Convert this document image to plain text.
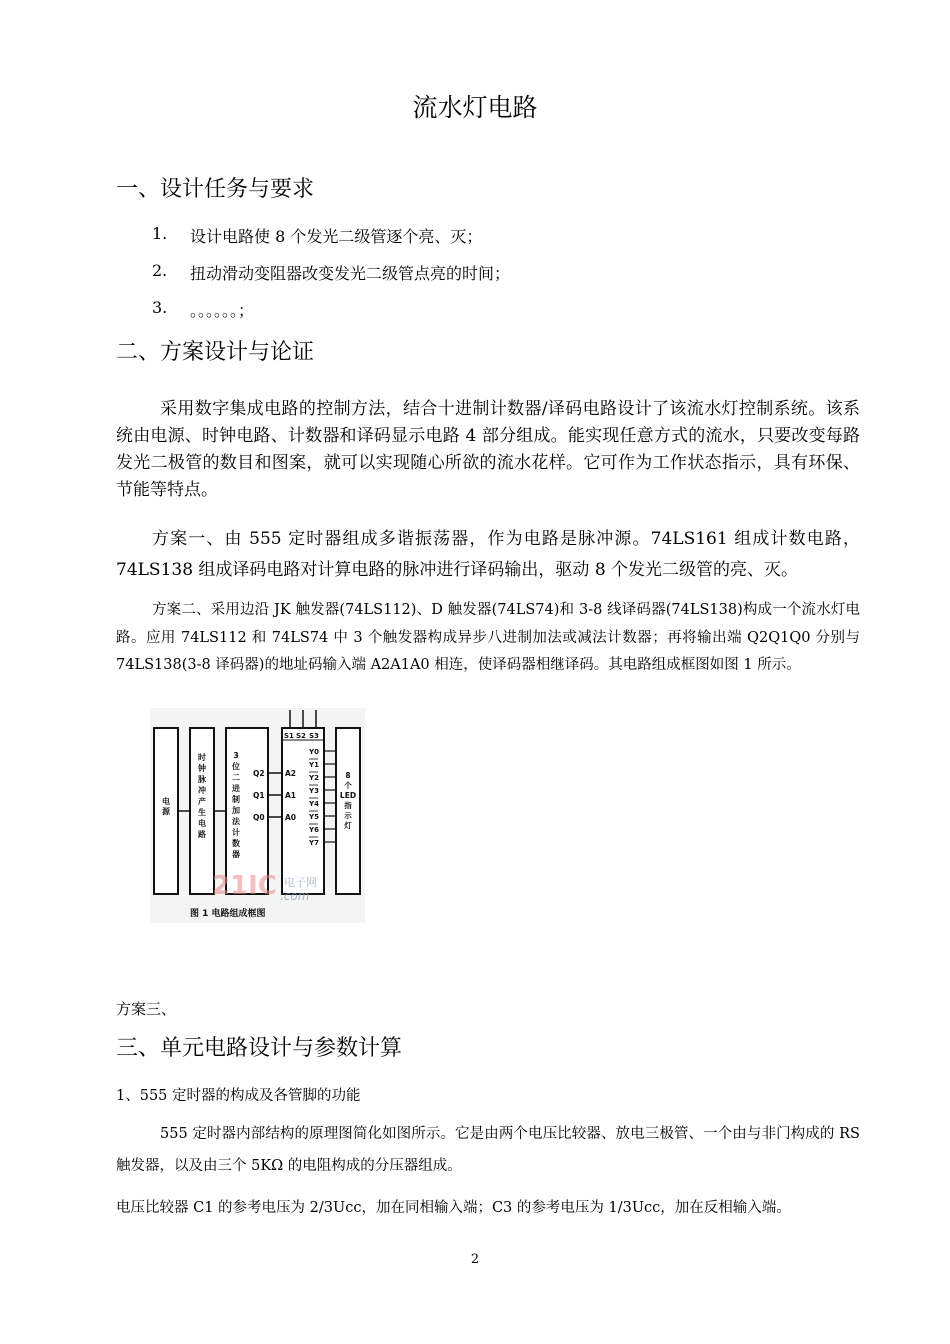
流水灯电路
一、设计任务与要求
1. 设计电路使 8 个发光二级管逐个亮、灭；
2. 扭动滑动变阻器改变发光二级管点亮的时间；
3. 。。。。。。；
二、方案设计与论证
采用数字集成电路的控制方法，结合十进制计数器/译码电路设计了该流水灯控制系统。该系统由电源、时钟电路、计数器和译码显示电路 4 部分组成。能实现任意方式的流水，只要改变每路发光二极管的数目和图案，就可以实现随心所欲的流水花样。它可作为工作状态指示，具有环保、节能等特点。
方案一、由 555 定时器组成多谐振荡器，作为电路是脉冲源。74LS161 组成计数电路，74LS138 组成译码电路对计算电路的脉冲进行译码输出，驱动 8 个发光二级管的亮、灭。
方案二、采用边沿 JK 触发器(74LS112)、D 触发器(74LS74)和 3-8 线译码器(74LS138)构成一个流水灯电路。应用 74LS112 和 74LS74 中 3 个触发器构成异步八进制加法或减法计数器；再将输出端 Q2Q1Q0 分别与 74LS138(3-8 译码器)的地址码输入端 A2A1A0 相连，使译码器相继译码。其电路组成框图如图 1 所示。
电源
时钟脉冲产生电路
3 位二进制加法计数器
Q2 Q1 Q0
S1 S2 S3
A2 A1 A0
Y0
Y1
Y2
Y3
Y4
Y5
Y6
Y7
8 个 LED 指示灯
21IC 电子网
.com
图 1 电路组成框图
方案三、
三、单元电路设计与参数计算
1、555 定时器的构成及各管脚的功能
555 定时器内部结构的原理图简化如图所示。它是由两个电压比较器、放电三极管、一个由与非门构成的 RS 触发器，以及由三个 5KΩ 的电阻构成的分压器组成。
电压比较器 C1 的参考电压为 2/3Ucc，加在同相输入端；C3 的参考电压为 1/3Ucc，加在反相输入端。
2
